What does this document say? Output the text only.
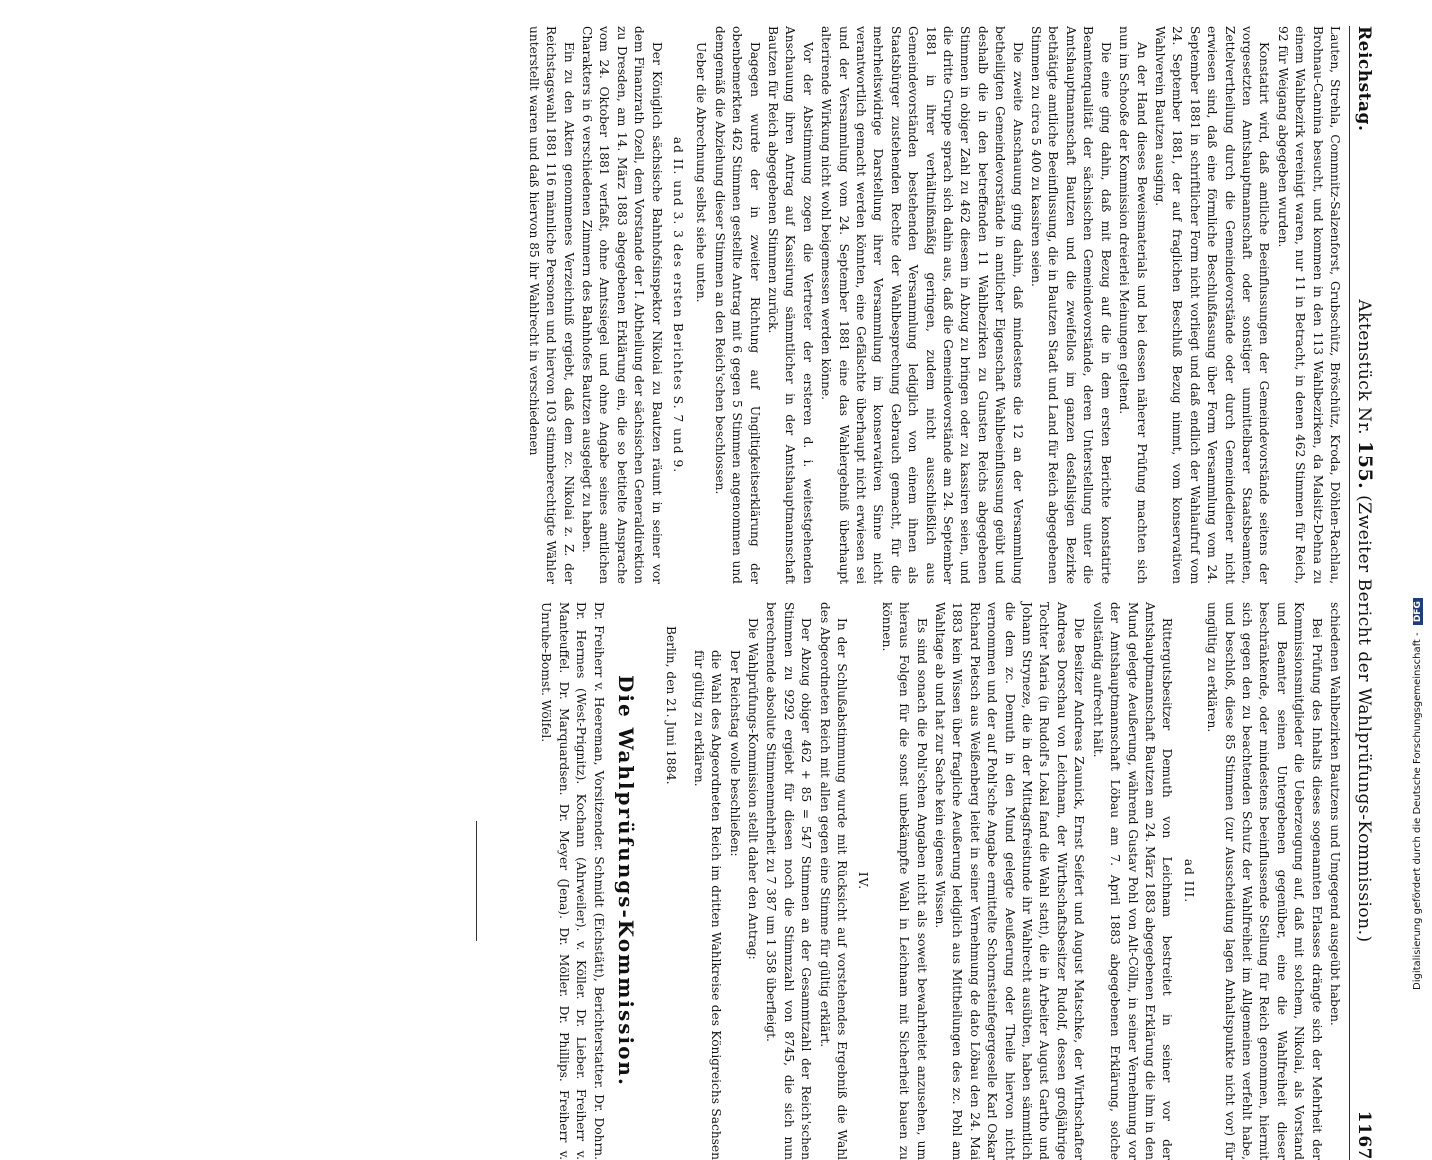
Reichstag.
Aktenstück Nr. 155. (Zweiter Bericht der Wahlprüfungs-Kommission.)
1167

Lauten, Strehla, Commnitz-Salzenforst, Grubschütz, Bröschütz, Kroda, Döhlen-Rachlau, Brohnau-Cannina besucht, und kommen in den 113 Wahlbezirken, da Malsitz-Dehna zu einem Wahlbezirk vereinigt waren, nur 11 in Betracht, in denen 462 Stimmen für Reich, 92 für Weigang abgegeben wurden.

Konstatirt wird, daß amtliche Beeinflussungen der Gemeindevorstände seitens der vorgesetzten Amtshauptmannschaft oder sonstiger unmittelbarer Staatsbeamten, Zettelvertheilung durch die Gemeindevorstände oder durch Gemeindediener nicht erwiesen sind, daß eine förmliche Beschlußfassung über Form Versammlung vom 24. September 1881 in schriftlicher Form nicht vorliegt und daß endlich der Wahlaufruf vom 24. September 1881, der auf fraglichen Beschluß Bezug nimmt, vom konservativen Wahlverein Bautzen ausging.

An der Hand dieses Beweismaterials und bei dessen näherer Prüfung machten sich nun im Schooße der Kommission dreierlei Meinungen geltend.

Die eine ging dahin, daß mit Bezug auf die in dem ersten Berichte konstatirte Beamtenqualität der sächsischen Gemeindevorstände, deren Unterstellung unter die Amtshauptmannschaft Bautzen und die zweifellos im ganzen desfallsigen Bezirke bethätigte amtliche Beeinflussung, die in Bautzen Stadt und Land für Reich abgegebenen Stimmen zu circa 5 400 zu kassiren seien.

Die zweite Anschauung ging dahin, daß mindestens die 12 an der Versammlung betheiligten Gemeindevorstände in amtlicher Eigenschaft Wahlbeeinflussung geübt und deshalb die in den betreffenden 11 Wahlbezirken zu Gunsten Reichs abgegebenen Stimmen in obiger Zahl zu 462 diesem in Abzug zu bringen oder zu kassiren seien, und die dritte Gruppe sprach sich dahin aus, daß die Gemeindevorstände am 24. September 1881 in ihrer verhältnißmäßig geringen, zudem nicht ausschließlich aus Gemeindevorständen bestehenden Versammlung lediglich von einem ihnen als Staatsbürger zustehenden Rechte der Wahlbesprechung Gebrauch gemacht, für die mehrheitswidrige Darstellung ihrer Versammlung im konservativen Sinne nicht verantwortlich gemacht werden könnten, eine Gefälschte überhaupt nicht erwiesen sei und der Versammlung vom 24. September 1881 eine das Wahlergebniß überhaupt alterirende Wirkung nicht wohl beigemessen werden könne.

Vor der Abstimmung zogen die Vertreter der ersteren d. i. weitestgehenden Anschauung ihren Antrag auf Kassirung sämmtlicher in der Amtshauptmannschaft Bautzen für Reich abgegebenen Stimmen zurück.

Dagegen wurde der in zweiter Richtung auf Ungiltigkeitserklärung der obenbemerkten 462 Stimmen gestellte Antrag mit 6 gegen 5 Stimmen angenommen und demgemäß die Abziehung dieser Stimmen an den Reich'schen beschlossen.

Ueber die Abrechnung selbst siehe unten.

ad II. und 3. 3 des ersten Berichtes S. 7 und 9.

Der Königlich sächsische Bahnhofsinspektor Nikolai zu Bautzen räumt in seiner vor dem Finanzrath Ozell, dem Vorstande der I. Abtheilung der sächsischen Generaldirektion zu Dresden, am 14. März 1883 abgegebenen Erklärung ein, die so betitelte Ansprache vom 24. Oktober 1881 verfaßt, ohne Amtssiegel und ohne Angabe seines amtlichen Charakters in 6 verschiedenen Zimmern des Bahnhofes Bautzen ausgelegt zu haben.

Ein zu den Akten genommenes Verzeichniß ergiebt, daß dem zc. Nikolai z. Z. der Reichstagswahl 1881 116 männliche Personen und hiervon 103 stimmberechtigte Wähler unterstellt waren und daß hiervon 85 ihr Wahlrecht in verschiedenen

schiedenen Wahlbezirken Bautzens und Umgegend ausgeübt haben.

Bei Prüfung des Inhalts dieses sogenannten Erlasses drängte sich der Mehrheit der Kommissionsmitglieder die Ueberzeugung auf, daß mit solchem, Nikolai, als Vorstand und Beamter seinen Untergebenen gegenüber, eine die Wahlfreiheit dieser beschränkende, oder mindestens beeinflussende Stellung für Reich genommen, hiermit sich gegen den zu beachtenden Schutz der Wahlfreiheit im Allgemeinen verfehlt habe, und beschloß, diese 85 Stimmen (zur Ausscheidung lagen Anhaltspunkte nicht vor) für ungültig zu erklären.

ad III.

Rittergutsbesitzer Demuth von Leichnam bestreitet in seiner vor der Amtshauptmannschaft Bautzen am 24. März 1883 abgegebenen Erklärung die ihm in den Mund gelegte Aeußerung, während Gustav Pohl von Alt-Cölln, in seiner Vernehmung vor der Amtshauptmannschaft Löbau am 7. April 1883 abgegebenen Erklärung, solche vollständig aufrecht hält.

Die Besitzer Andreas Zaunick, Ernst Seifert und August Matschke, der Wirthschafter Andreas Dorschau von Leichnam, der Wirthschaftsbesitzer Rudolf, dessen großjährige Tochter Maria (in Rudolf's Lokal fand die Wahl statt), die in Arbeiter August Gartho und Johann Stryneze, die in der Mittagsfreistunde ihr Wahlrecht ausübten, haben sämmtlich die dem zc. Demuth in den Mund gelegte Aeußerung oder Theile hiervon nicht vernommen und der auf Pohl'sche Angabe ermittelte Schornsteinfegergeselle Karl Oskar Richard Pietsch aus Weißenberg leitet in seiner Vernehmung de dato Löbau den 24. Mai 1883 kein Wissen über fragliche Aeußerung lediglich aus Mittheilungen des zc. Pohl am Wahltage ab und hat zur Sache kein eigenes Wissen.

Es sind sonach die Pohl'schen Angaben nicht als soweit bewahrheitet anzusehen, um hieraus Folgen für die sonst unbekämpfte Wahl in Leichnam mit Sicherheit bauen zu können.

IV.

In der Schlußabstimmung wurde mit Rücksicht auf vorstehendes Ergebniß die Wahl des Abgeordneten Reich mit allen gegen eine Stimme für gültig erklärt.

Der Abzug obiger 462 + 85 = 547 Stimmen an der Gesammtzahl der Reich'schen Stimmen zu 9292 ergiebt für diesen noch die Stimmzahl von 8745, die sich nun berechnende absolute Stimmenmehrheit zu 7 387 um 1 358 überfleigt.

Die Wahlprüfungs-Kommission stellt daher den Antrag:

Der Reichstag wolle beschließen:

die Wahl des Abgeordneten Reich im dritten Wahlkreise des Königreichs Sachsen für gültig zu erklären.

Berlin, den 21. Juni 1884.

Die Wahlprüfungs-Kommission.

Dr. Freiherr v. Heereman, Vorsitzender. Schmidt (Eichstätt), Berichterstatter. Dr. Dohrn. Dr. Hermes (West-Prignitz). Kochann (Ahrweiler). v. Köller. Dr. Lieber. Freiherr v. Manteuffel. Dr. Marquardsen. Dr. Meyer (Jena). Dr. Möller. Dr. Phillips. Freiherr v. Unruhe-Bomst. Wölfel.	Digitalisierung gefördert durch die Deutsche Forschungsgemeinschaft - DFG
